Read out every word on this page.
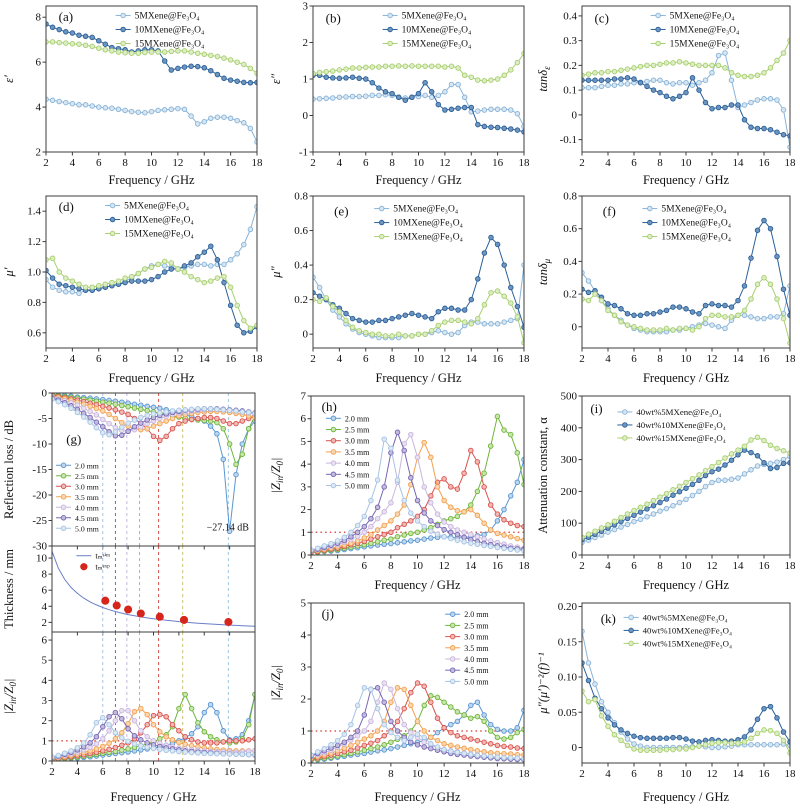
2 4 6 8 10 12 14 16 18
2
4
6
8
Frequency / GHz
ε′
(a)	5MXene@Fe₃O₄
10MXene@Fe₃O₄
15MXene@Fe₃O₄
2 4 6 8 10 12 14 16 18
-1
0
1
2
3
Frequency / GHz
ε″
(b)	5MXene@Fe₃O₄
10MXene@Fe₃O₄
15MXene@Fe₃O₄
2 4 6 8 10 12 14 16 18
-0.1
0
0.1
0.2
0.3
0.4
Frequency / GHz
tanδ$_\varepsilon$
(c)	5MXene@Fe₃O₄
10MXene@Fe₃O₄
15MXene@Fe₃O₄
2 4 6 8 10 12 14 16 18
0.6
0.8
1.0
1.2
1.4
Frequency / GHz
μ′
(d)	5MXene@Fe₃O₄
10MXene@Fe₃O₄
15MXene@Fe₃O₄
2 4 6 8 10 12 14 16 18
0
0.2
0.4
0.6
0.8
Frequency / GHz
μ″
(e)	5MXene@Fe₃O₄
10MXene@Fe₃O₄
15MXene@Fe₃O₄
2 4 6 8 10 12 14 16 18
0
0.2
0.4
0.6
0.8
Frequency / GHz
tanδ$_\mu$
(f)	5MXene@Fe₃O₄
10MXene@Fe₃O₄
15MXene@Fe₃O₄
0
-5
-10
-15
-20
-25
-30
Reflection loss / dB	(g)
2.0 mm
2.5 mm
3.0 mm
3.5 mm
4.0 mm
4.5 mm
5.0 mm	−27.14 dB
2
4
6
8
10
Thickness / mm	tₘˢⁱᵐ
tₘᵉˣᵖ
2 4 6 8 10 12 14 16 18
0
1
2
3
4
5
6
Frequency / GHz
$|Z_{in}/Z_0|$
2 4 6 8 10 12 14 16 18
0
1
2
3
4
5
6
7
Frequency / GHz
$|Z_{in}/Z_0|$
(h)
2.0 mm
2.5 mm
3.0 mm
3.5 mm
4.0 mm
4.5 mm
5.0 mm
2 4 6 8 10 12 14 16 18
0
100
200
300
400
500
Frequency / GHz
Attenuation constant, α
(i)	40wt%5MXene@Fe₃O₄
40wt%10MXene@Fe₃O₄
40wt%15MXene@Fe₃O₄
2 4 6 8 10 12 14 16 18
0
1
2
3
4
5
Frequency / GHz
$|Z_{in}/Z_0|$
(j)	2.0 mm
2.5 mm
3.0 mm
3.5 mm
4.0 mm
4.5 mm
5.0 mm
2 4 6 8 10 12 14 16 18
0
0.05
0.10
0.15
0.20
Frequency / GHz
μ″(μ′)⁻²(f)⁻¹
(k)	40wt%5MXene@Fe₃O₄
40wt%10MXene@Fe₃O₄
40wt%15MXene@Fe₃O₄
